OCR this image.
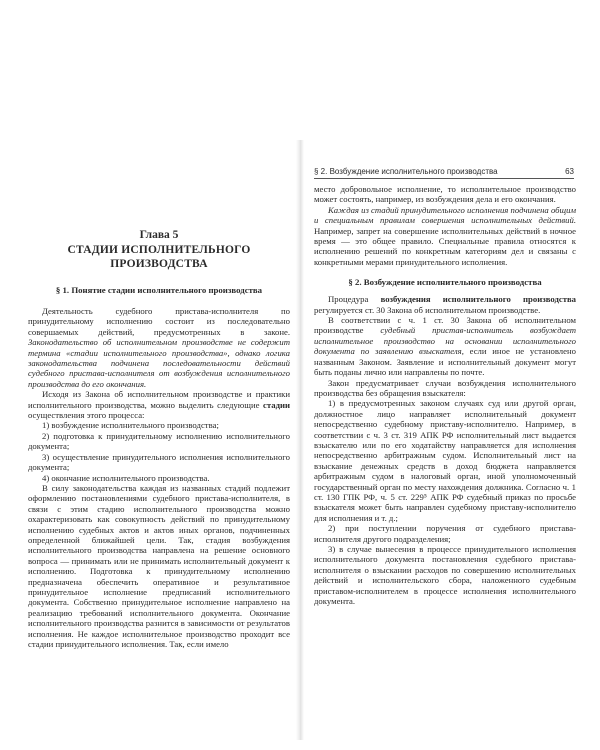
Глава 5
СТАДИИ ИСПОЛНИТЕЛЬНОГО ПРОИЗВОДСТВА
§ 1. Понятие стадии исполнительного производства

Деятельность судебного пристава-исполнителя по принудительному исполнению состоит из последовательно совершаемых действий, предусмотренных в законе. Законодательство об исполнительном производстве не содержит термина «стадии исполнительного производства», однако логика законодательства подчинена последовательности действий судебного пристава-исполнителя от возбуждения исполнительного производства до его окончания.

Исходя из Закона об исполнительном производстве и практики исполнительного производства, можно выделить следующие стадии осуществления этого процесса:

1) возбуждение исполнительного производства;

2) подготовка к принудительному исполнению исполнительного документа;

3) осуществление принудительного исполнения исполнительного документа;

4) окончание исполнительного производства.

В силу законодательства каждая из названных стадий подлежит оформлению постановлениями судебного пристава-исполнителя, в связи с этим стадию исполнительного производства можно охарактеризовать как совокупность действий по принудительному исполнению судебных актов и актов иных органов, подчиненных определенной ближайшей цели. Так, стадия возбуждения исполнительного производства направлена на решение основного вопроса — принимать или не принимать исполнительный документ к исполнению. Подготовка к принудительному исполнению предназначена обеспечить оперативное и результативное принудительное исполнение предписаний исполнительного документа. Собственно принудительное исполнение направлено на реализацию требований исполнительного документа. Окончание исполнительного производства разнится в зависимости от результатов исполнения. Не каждое исполнительное производство проходит все стадии принудительного исполнения. Так, если имело

§ 2. Возбуждение исполнительного производства	63

место добровольное исполнение, то исполнительное производство может состоять, например, из возбуждения дела и его окончания.

Каждая из стадий принудительного исполнения подчинена общим и специальным правилам совершения исполнительных действий. Например, запрет на совершение исполнительных действий в ночное время — это общее правило. Специальные правила относятся к исполнению решений по конкретным категориям дел и связаны с конкретными мерами принудительного исполнения.

§ 2. Возбуждение исполнительного производства

Процедура возбуждения исполнительного производства регулируется ст. 30 Закона об исполнительном производстве.

В соответствии с ч. 1 ст. 30 Закона об исполнительном производстве судебный пристав-исполнитель возбуждает исполнительное производство на основании исполнительного документа по заявлению взыскателя, если иное не установлено названным Законом. Заявление и исполнительный документ могут быть поданы лично или направлены по почте.

Закон предусматривает случаи возбуждения исполнительного производства без обращения взыскателя:

1) в предусмотренных законом случаях суд или другой орган, должностное лицо направляет исполнительный документ непосредственно судебному приставу-исполнителю. Например, в соответствии с ч. 3 ст. 319 АПК РФ исполнительный лист выдается взыскателю или по его ходатайству направляется для исполнения непосредственно арбитражным судом. Исполнительный лист на взыскание денежных средств в доход бюджета направляется арбитражным судом в налоговый орган, иной уполномоченный государственный орган по месту нахождения должника. Согласно ч. 1 ст. 130 ГПК РФ, ч. 5 ст. 229⁵ АПК РФ судебный приказ по просьбе взыскателя может быть направлен судебному приставу-исполнителю для исполнения и т. д.;

2) при поступлении поручения от судебного пристава-исполнителя другого подразделения;

3) в случае вынесения в процессе принудительного исполнения исполнительного документа постановления судебного пристава-исполнителя о взыскании расходов по совершению исполнительных действий и исполнительского сбора, наложенного судебным приставом-исполнителем в процессе исполнения исполнительного документа.
